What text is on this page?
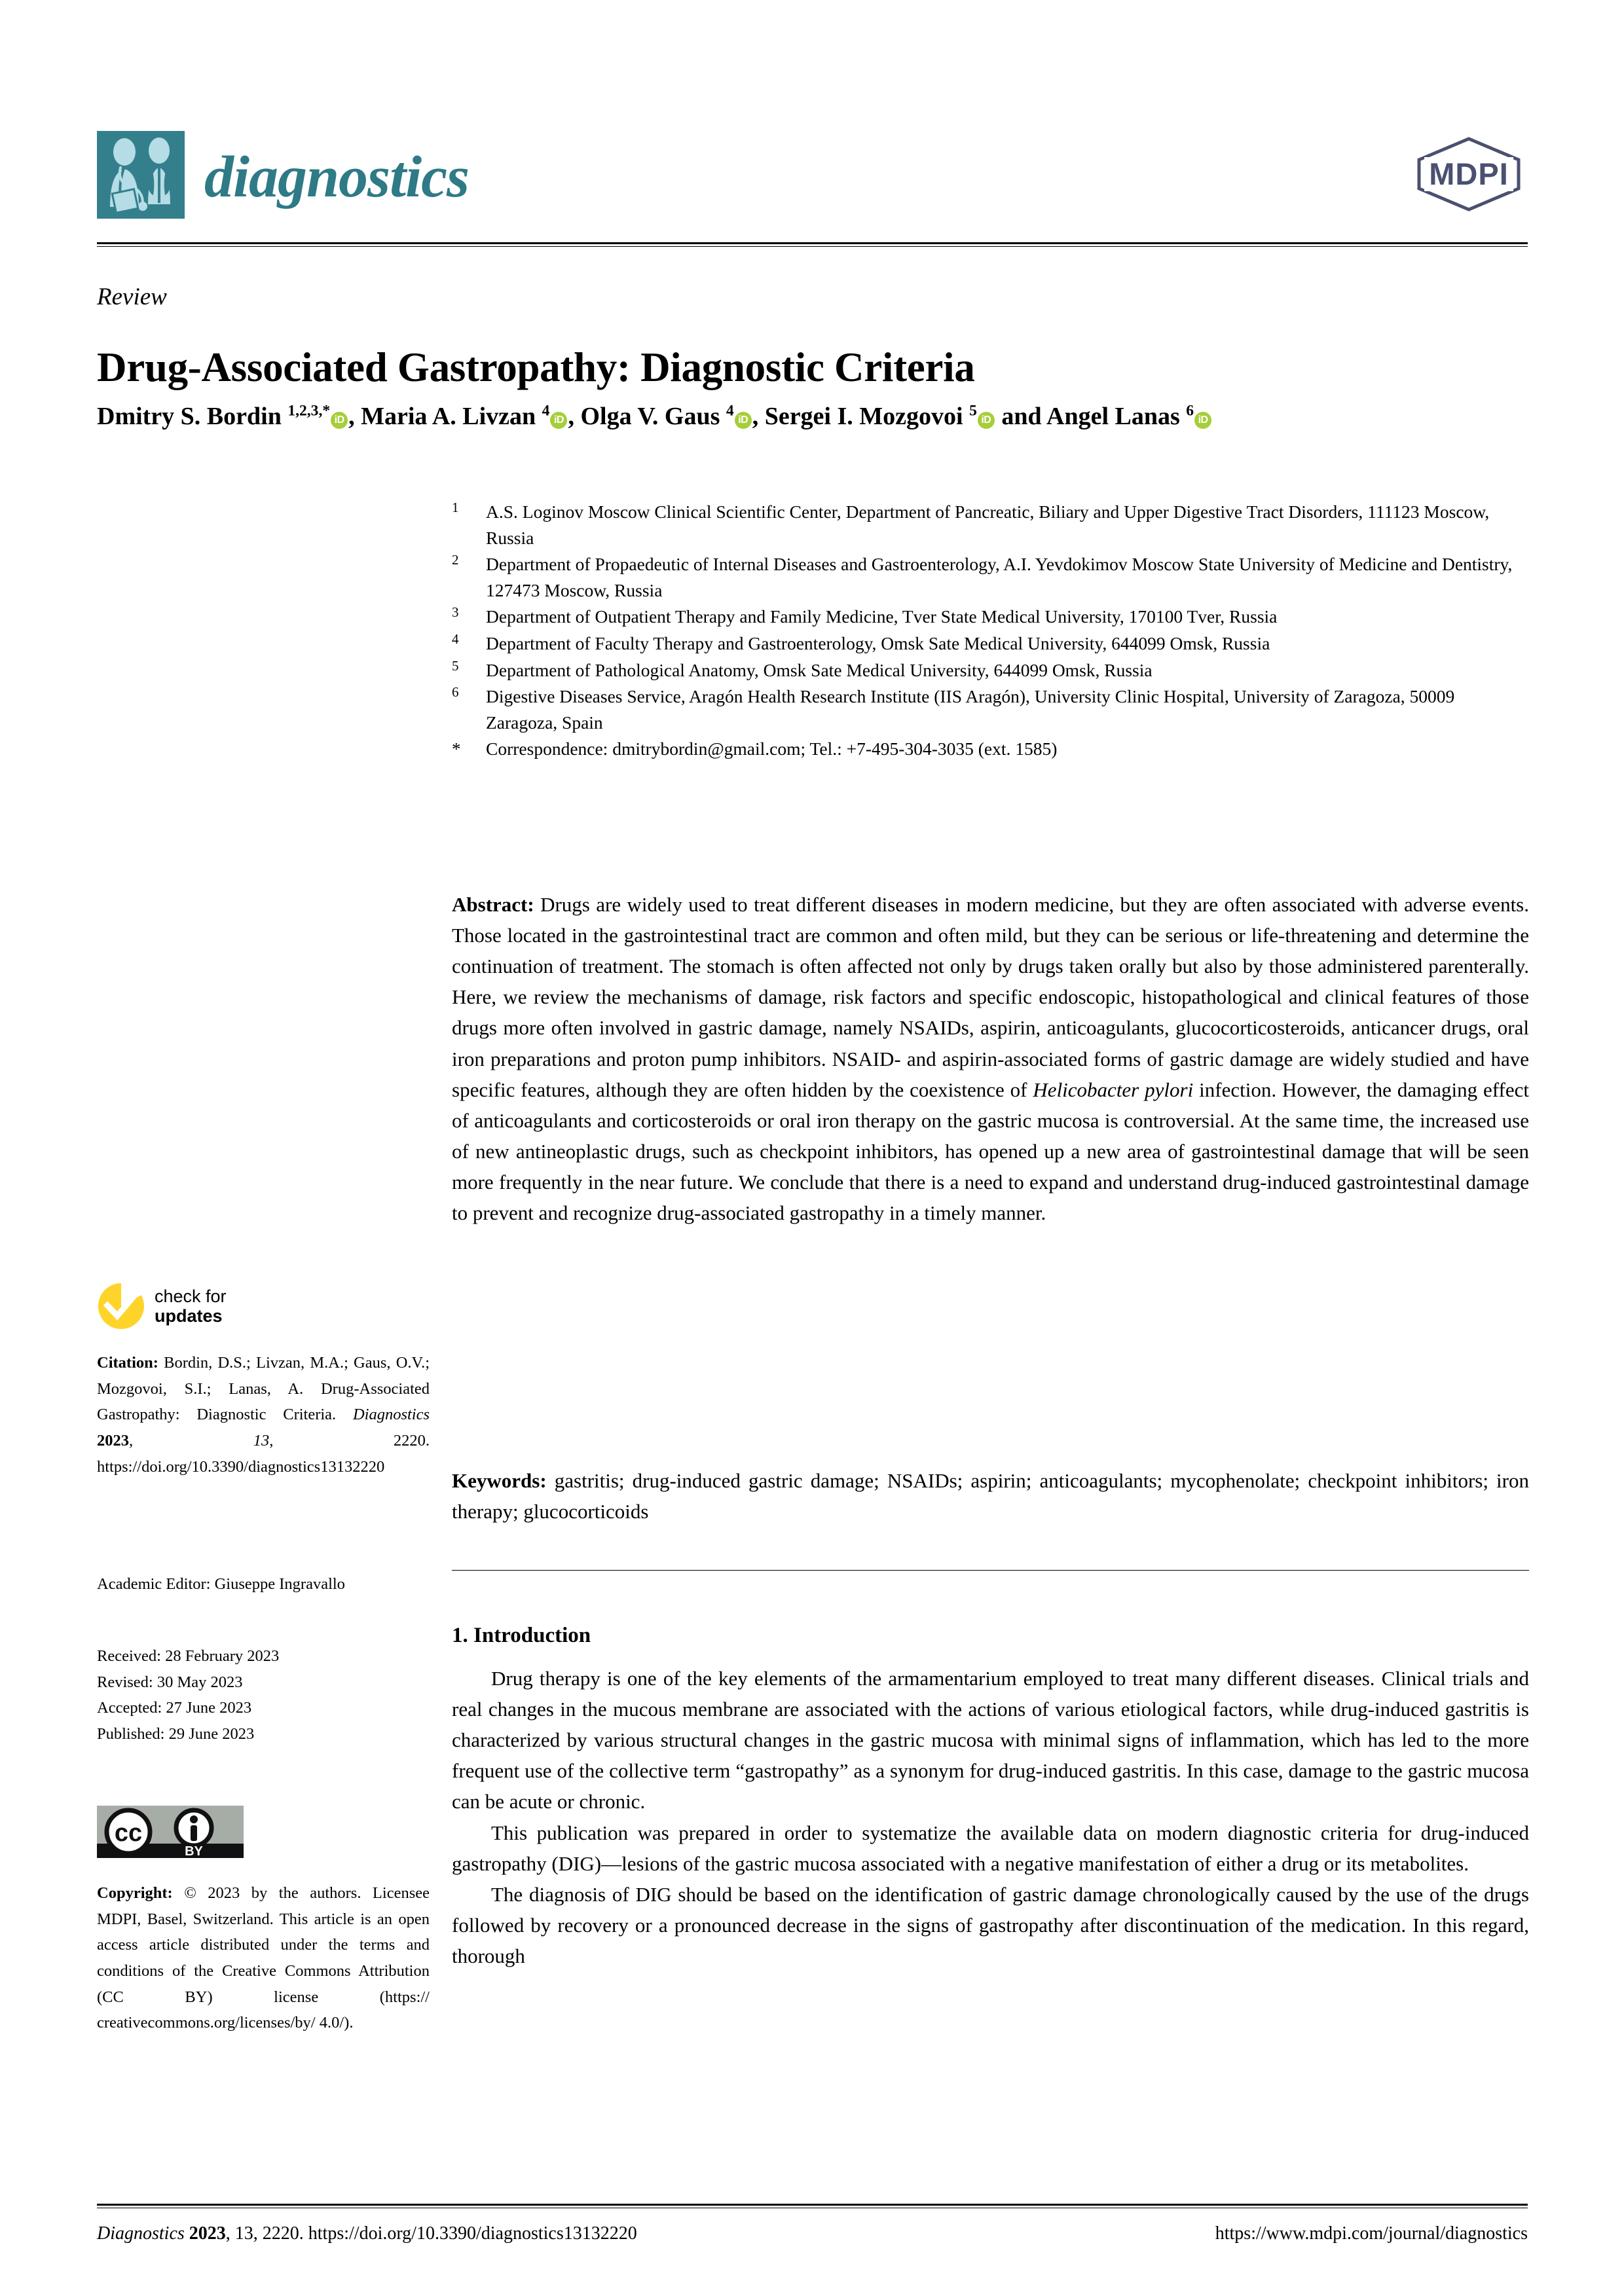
diagnostics	MDPI
Review
Drug-Associated Gastropathy: Diagnostic Criteria
Dmitry S. Bordin $^{1,2,3,*}$iD , Maria A. Livzan $^4$iD , Olga V. Gaus $^4$iD , Sergei I. Mozgovoi $^5$iD and Angel Lanas $^6$iD
1	A.S. Loginov Moscow Clinical Scientific Center, Department of Pancreatic, Biliary and Upper Digestive Tract Disorders, 111123 Moscow, Russia
2	Department of Propaedeutic of Internal Diseases and Gastroenterology, A.I. Yevdokimov Moscow State University of Medicine and Dentistry, 127473 Moscow, Russia
3	Department of Outpatient Therapy and Family Medicine, Tver State Medical University, 170100 Tver, Russia
4	Department of Faculty Therapy and Gastroenterology, Omsk Sate Medical University, 644099 Omsk, Russia
5	Department of Pathological Anatomy, Omsk Sate Medical University, 644099 Omsk, Russia
6	Digestive Diseases Service, Aragón Health Research Institute (IIS Aragón), University Clinic Hospital, University of Zaragoza, 50009 Zaragoza, Spain
*	Correspondence: dmitrybordin@gmail.com; Tel.: +7-495-304-3035 (ext. 1585)
Abstract: Drugs are widely used to treat different diseases in modern medicine, but they are often associated with adverse events. Those located in the gastrointestinal tract are common and often mild, but they can be serious or life-threatening and determine the continuation of treatment. The stomach is often affected not only by drugs taken orally but also by those administered parenterally. Here, we review the mechanisms of damage, risk factors and specific endoscopic, histopathological and clinical features of those drugs more often involved in gastric damage, namely NSAIDs, aspirin, anticoagulants, glucocorticosteroids, anticancer drugs, oral iron preparations and proton pump inhibitors. NSAID- and aspirin-associated forms of gastric damage are widely studied and have specific features, although they are often hidden by the coexistence of Helicobacter pylori infection. However, the damaging effect of anticoagulants and corticosteroids or oral iron therapy on the gastric mucosa is controversial. At the same time, the increased use of new antineoplastic drugs, such as checkpoint inhibitors, has opened up a new area of gastrointestinal damage that will be seen more frequently in the near future. We conclude that there is a need to expand and understand drug-induced gastrointestinal damage to prevent and recognize drug-associated gastropathy in a timely manner.
Keywords: gastritis; drug-induced gastric damage; NSAIDs; aspirin; anticoagulants; mycophenolate; checkpoint inhibitors; iron therapy; glucocorticoids
1. Introduction

Drug therapy is one of the key elements of the armamentarium employed to treat many different diseases. Clinical trials and real changes in the mucous membrane are associated with the actions of various etiological factors, while drug-induced gastritis is characterized by various structural changes in the gastric mucosa with minimal signs of inflammation, which has led to the more frequent use of the collective term “gastropathy” as a synonym for drug-induced gastritis. In this case, damage to the gastric mucosa can be acute or chronic.

This publication was prepared in order to systematize the available data on modern diagnostic criteria for drug-induced gastropathy (DIG)—lesions of the gastric mucosa associated with a negative manifestation of either a drug or its metabolites.

The diagnosis of DIG should be based on the identification of gastric damage chronologically caused by the use of the drugs followed by recovery or a pronounced decrease in the signs of gastropathy after discontinuation of the medication. In this regard, thorough

check for
updates
Citation: Bordin, D.S.; Livzan, M.A.; Gaus, O.V.; Mozgovoi, S.I.; Lanas, A. Drug-Associated Gastropathy: Diagnostic Criteria. Diagnostics 2023, 13, 2220. https://doi.org/10.3390/diagnostics13132220
Academic Editor: Giuseppe Ingravallo
Received: 28 February 2023
Revised: 30 May 2023
Accepted: 27 June 2023
Published: 29 June 2023
cc
BY
Copyright: © 2023 by the authors. Licensee MDPI, Basel, Switzerland. This article is an open access article distributed under the terms and conditions of the Creative Commons Attribution (CC BY) license (https:// creativecommons.org/licenses/by/ 4.0/).
Diagnostics 2023, 13, 2220. https://doi.org/10.3390/diagnostics13132220	https://www.mdpi.com/journal/diagnostics
